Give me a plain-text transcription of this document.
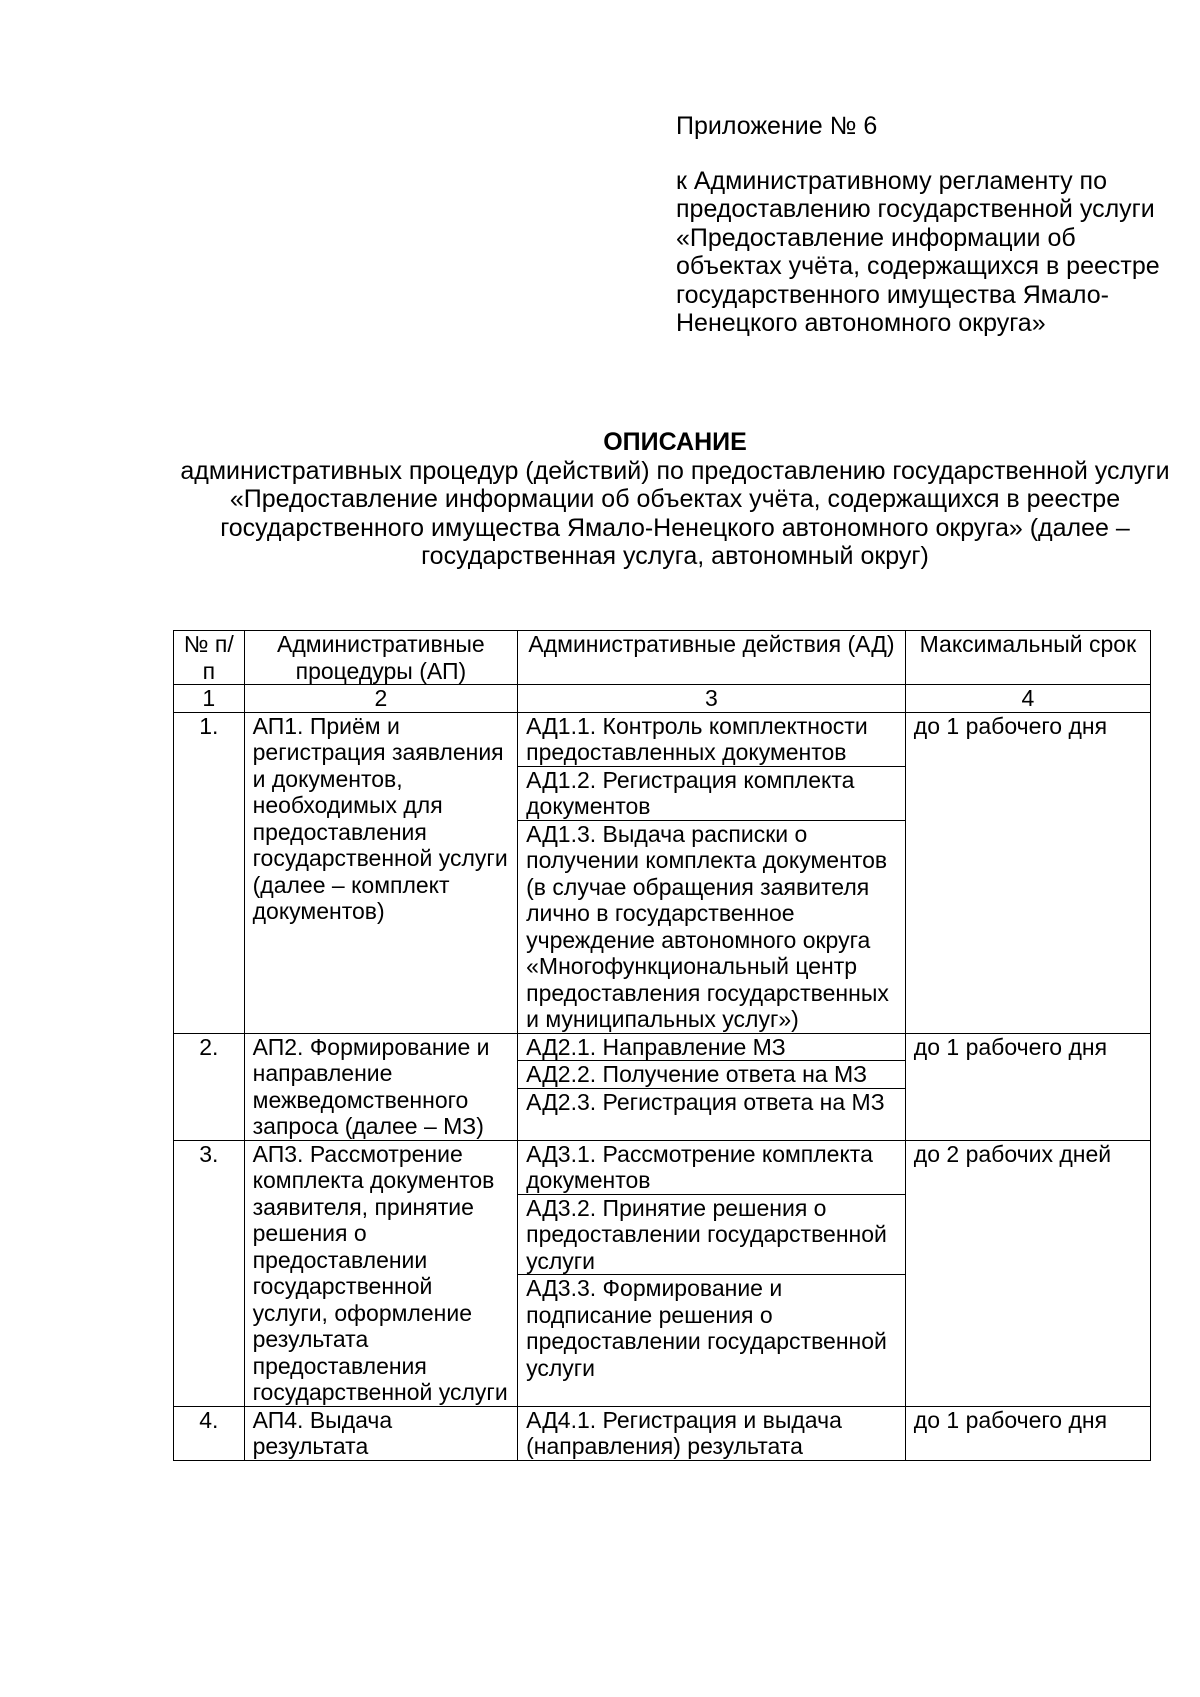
Приложение № 6

к Административному регламенту по предоставлению государственной услуги «Предоставление информации об объектах учёта, содержащихся в реестре государственного имущества Ямало-Ненецкого автономного округа»

ОПИСАНИЕ
административных процедур (действий) по предоставлению государственной услуги «Предоставление информации об объектах учёта, содержащихся в реестре государственного имущества Ямало-Ненецкого автономного округа» (далее – государственная услуга, автономный округ)
№ п/п	Административные процедуры (АП)	Административные действия (АД)	Максимальный срок
1	2	3	4
1.	АП1. Приём и регистрация заявления и документов, необходимых для предоставления государственной услуги (далее – комплект документов)	АД1.1. Контроль комплектности предоставленных документов
АД1.2. Регистрация комплекта документов
АД1.3. Выдача расписки о получении комплекта документов (в случае обращения заявителя лично в государственное учреждение автономного округа «Многофункциональный центр предоставления государственных и муниципальных услуг»)	до 1 рабочего дня
2.	АП2. Формирование и направление межведомственного запроса (далее – МЗ)	АД2.1. Направление МЗ
АД2.2. Получение ответа на МЗ
АД2.3. Регистрация ответа на МЗ	до 1 рабочего дня
3.	АП3. Рассмотрение комплекта документов заявителя, принятие решения о предоставлении государственной услуги, оформление результата предоставления государственной услуги	АД3.1. Рассмотрение комплекта документов
АД3.2. Принятие решения о предоставлении государственной услуги
АД3.3. Формирование и подписание решения о предоставлении государственной услуги	до 2 рабочих дней
4.	АП4. Выдача результата	АД4.1. Регистрация и выдача (направления) результата	до 1 рабочего дня
